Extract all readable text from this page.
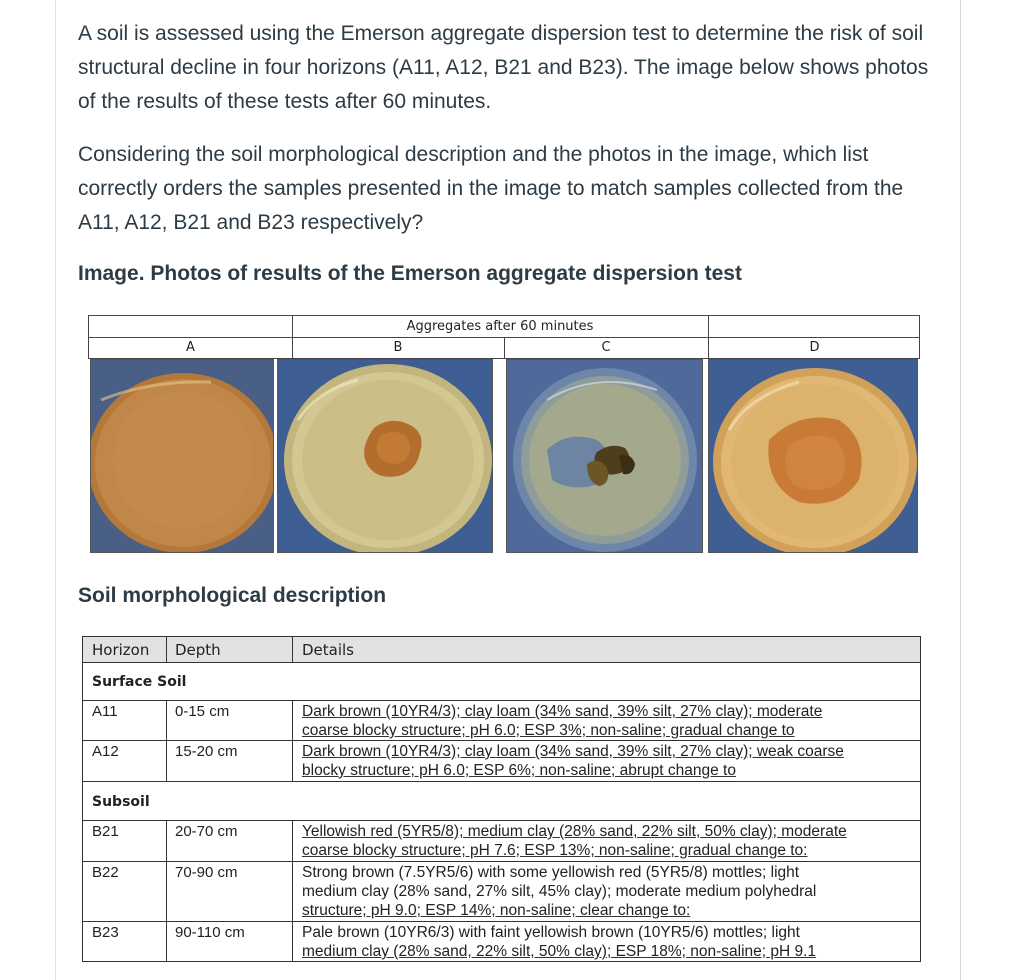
A soil is assessed using the Emerson aggregate dispersion test to determine the risk of soil structural decline in four horizons (A11, A12, B21 and B23). The image below shows photos of the results of these tests after 60 minutes.

Considering the soil morphological description and the photos in the image, which list correctly orders the samples presented in the image to match samples collected from the A11, A12, B21 and B23 respectively?

Image. Photos of results of the Emerson aggregate dispersion test
Aggregates after 60 minutes
A	B	C	D
Soil morphological description
Horizon Depth	Details
Surface Soil
A11	0-15 cm	Dark brown (10YR4/3); clay loam (34% sand, 39% silt, 27% clay); moderate
coarse blocky structure; pH 6.0; ESP 3%; non-saline; gradual change to
A12	15-20 cm	Dark brown (10YR4/3); clay loam (34% sand, 39% silt, 27% clay); weak coarse
blocky structure; pH 6.0; ESP 6%; non-saline; abrupt change to
Subsoil
B21	20-70 cm	Yellowish red (5YR5/8); medium clay (28% sand, 22% silt, 50% clay); moderate
coarse blocky structure; pH 7.6; ESP 13%; non-saline; gradual change to:
B22	70-90 cm	Strong brown (7.5YR5/6) with some yellowish red (5YR5/8) mottles; light
medium clay (28% sand, 27% silt, 45% clay); moderate medium polyhedral
structure; pH 9.0; ESP 14%; non-saline; clear change to:
B23	90-110 cm	Pale brown (10YR6/3) with faint yellowish brown (10YR5/6) mottles; light
medium clay (28% sand, 22% silt, 50% clay); ESP 18%; non-saline; pH 9.1
